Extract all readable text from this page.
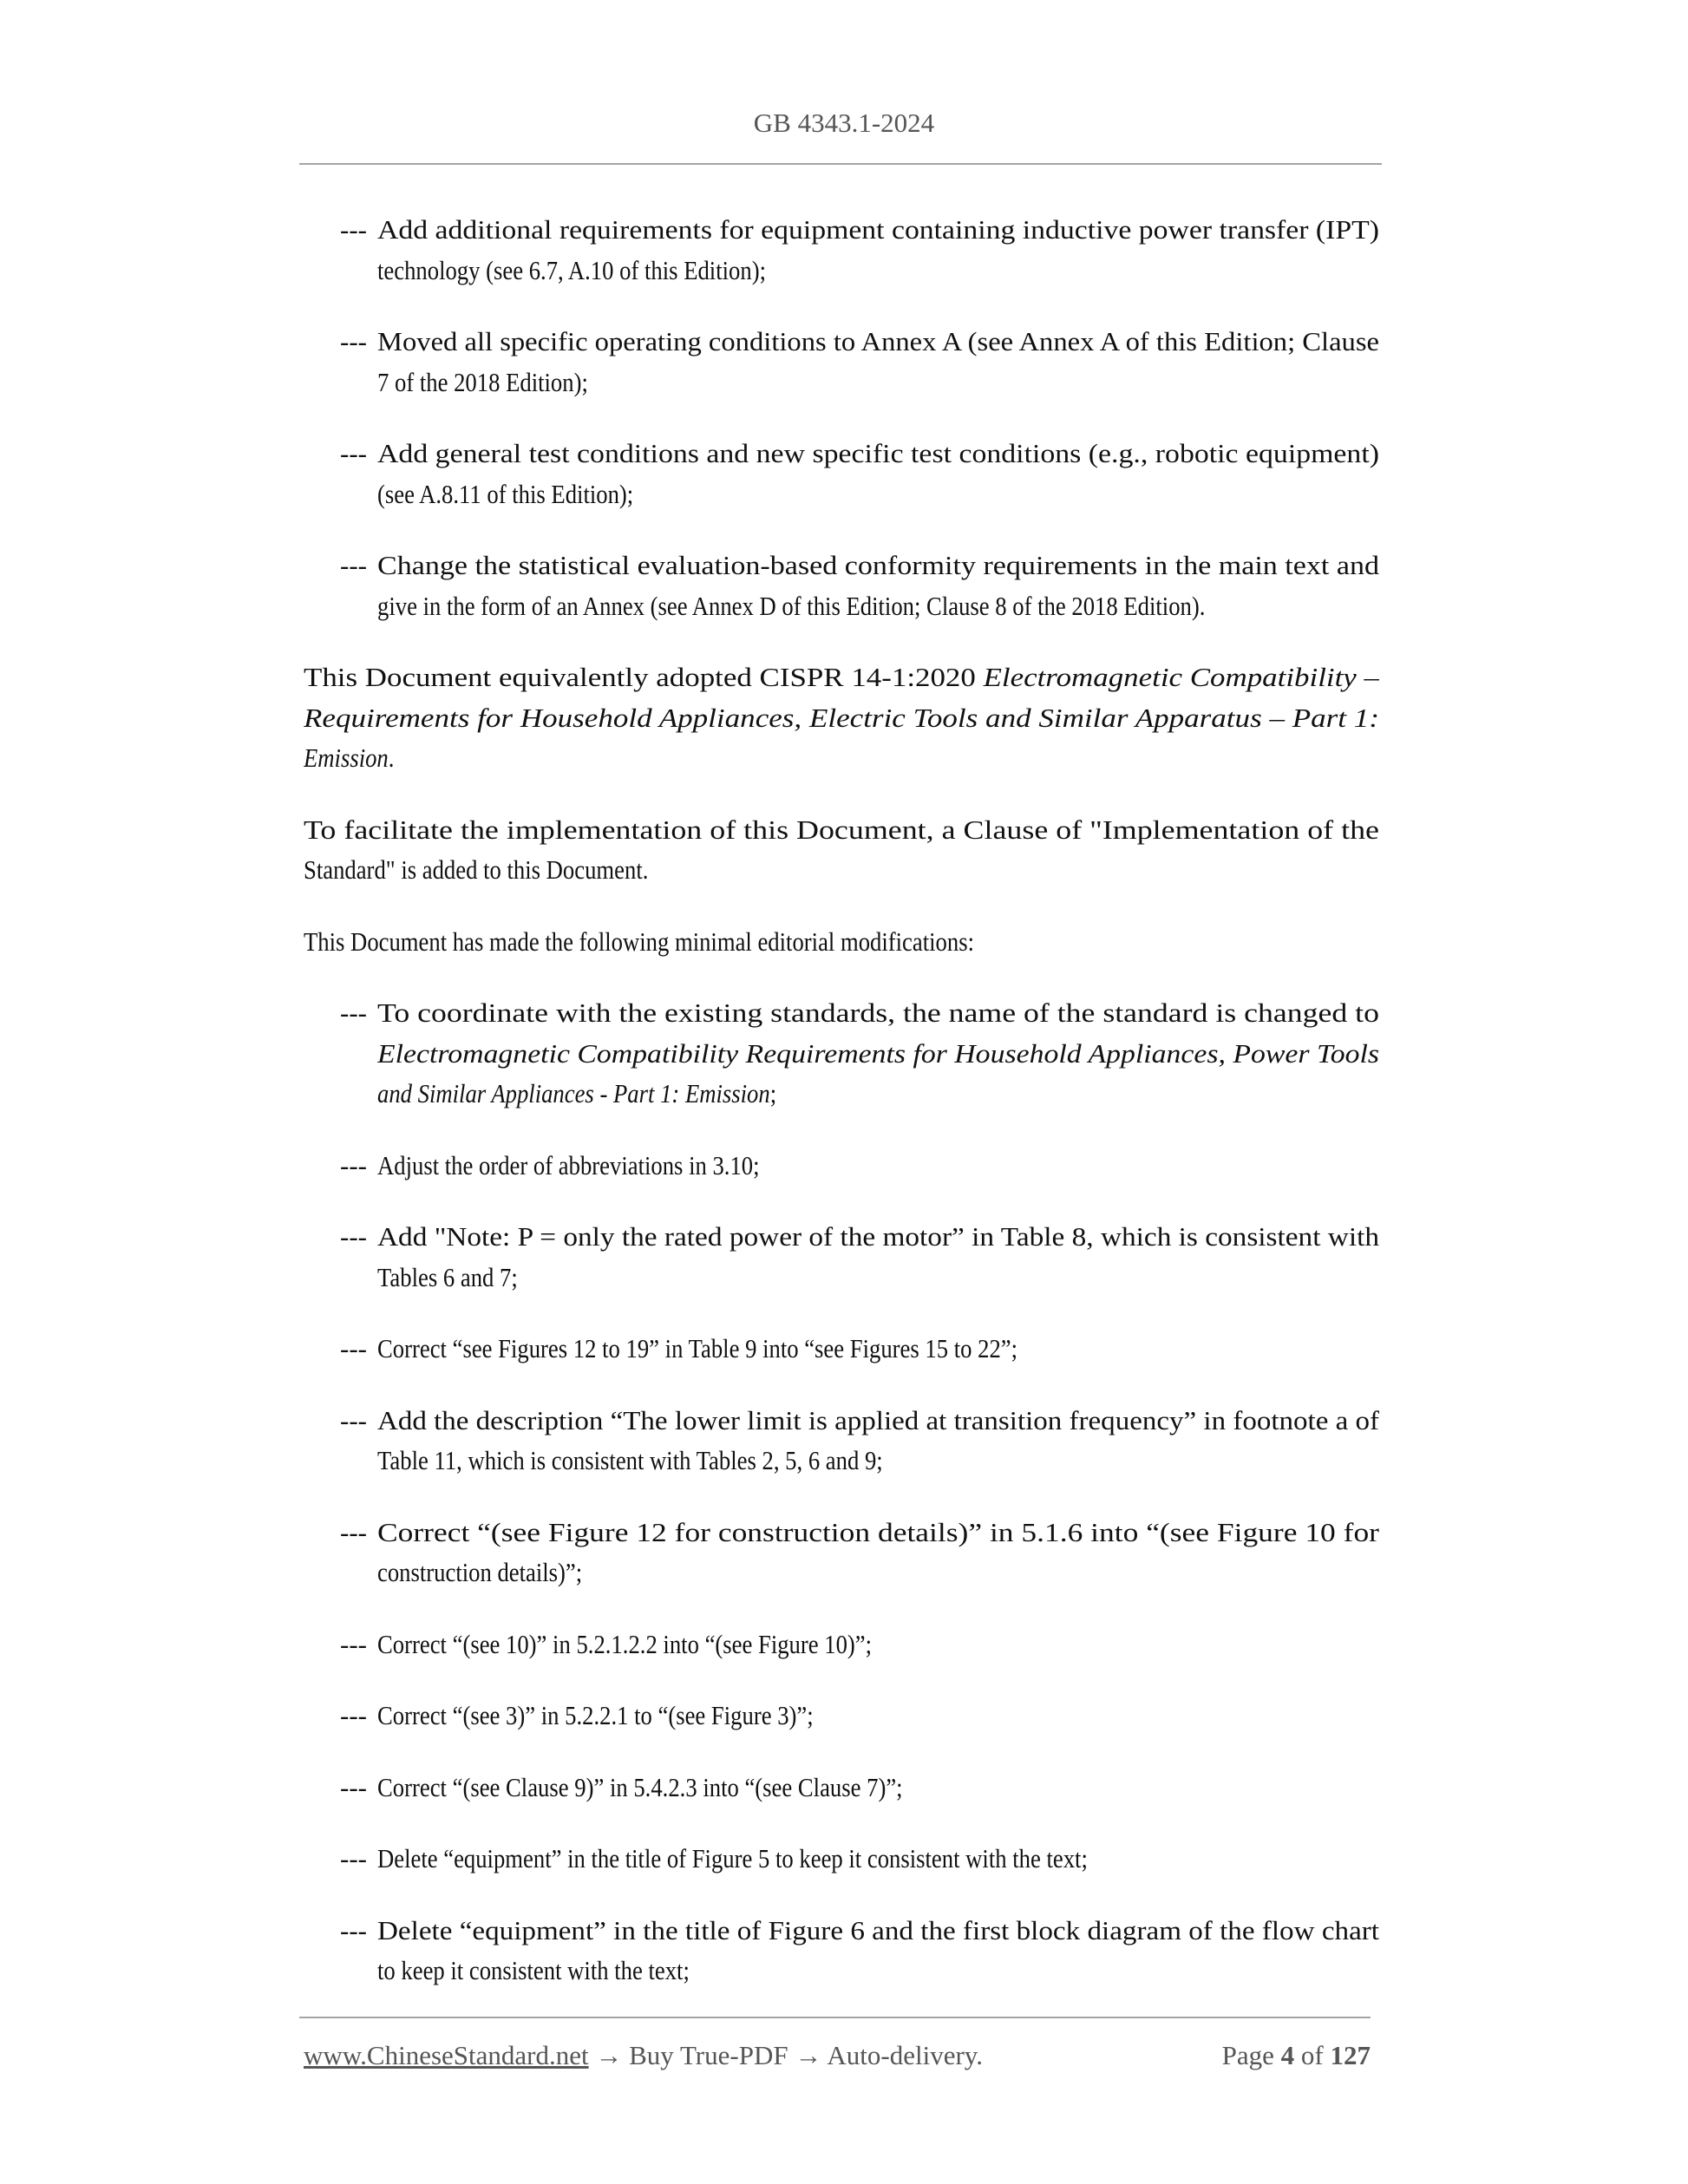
GB 4343.1-2024
--- Add additional requirements for equipment containing inductive power transfer (IPT)
technology (see 6.7, A.10 of this Edition);
--- Moved all specific operating conditions to Annex A (see Annex A of this Edition; Clause
7 of the 2018 Edition);
--- Add general test conditions and new specific test conditions (e.g., robotic equipment)
(see A.8.11 of this Edition);
--- Change the statistical evaluation-based conformity requirements in the main text and
give in the form of an Annex (see Annex D of this Edition; Clause 8 of the 2018 Edition).
This Document equivalently adopted CISPR 14-1:2020 Electromagnetic Compatibility –
Requirements for Household Appliances, Electric Tools and Similar Apparatus – Part 1:
Emission.
To facilitate the implementation of this Document, a Clause of "Implementation of the
Standard" is added to this Document.
This Document has made the following minimal editorial modifications:
--- To coordinate with the existing standards, the name of the standard is changed to
Electromagnetic Compatibility Requirements for Household Appliances, Power Tools
and Similar Appliances - Part 1: Emission;
--- Adjust the order of abbreviations in 3.10;
--- Add "Note: P = only the rated power of the motor” in Table 8, which is consistent with
Tables 6 and 7;
--- Correct “see Figures 12 to 19” in Table 9 into “see Figures 15 to 22”;
--- Add the description “The lower limit is applied at transition frequency” in footnote a of
Table 11, which is consistent with Tables 2, 5, 6 and 9;
--- Correct “(see Figure 12 for construction details)” in 5.1.6 into “(see Figure 10 for
construction details)”;
--- Correct “(see 10)” in 5.2.1.2.2 into “(see Figure 10)”;
--- Correct “(see 3)” in 5.2.2.1 to “(see Figure 3)”;
--- Correct “(see Clause 9)” in 5.4.2.3 into “(see Clause 7)”;
--- Delete “equipment” in the title of Figure 5 to keep it consistent with the text;
--- Delete “equipment” in the title of Figure 6 and the first block diagram of the flow chart
to keep it consistent with the text;
www.ChineseStandard.net → Buy True-PDF → Auto-delivery.	Page 4 of 127
